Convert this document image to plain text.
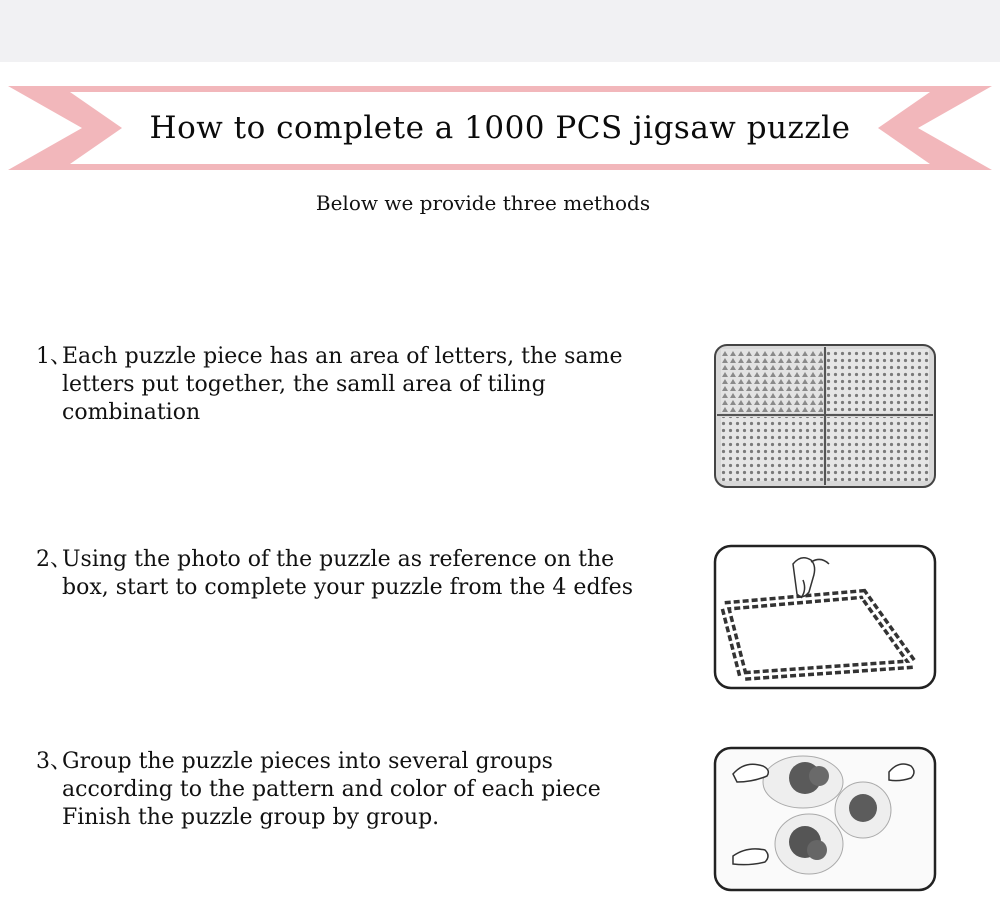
How to complete a 1000 PCS jigsaw puzzle
Below we provide three methods

1、

Each puzzle piece has an area of letters, the same
letters put together, the samll area of tiling
combination

2、

Using the photo of the puzzle as reference on the
box, start to complete your puzzle from the 4 edfes

3、

Group the puzzle pieces into several groups
according to the pattern and color of each piece
Finish the puzzle group by group.
